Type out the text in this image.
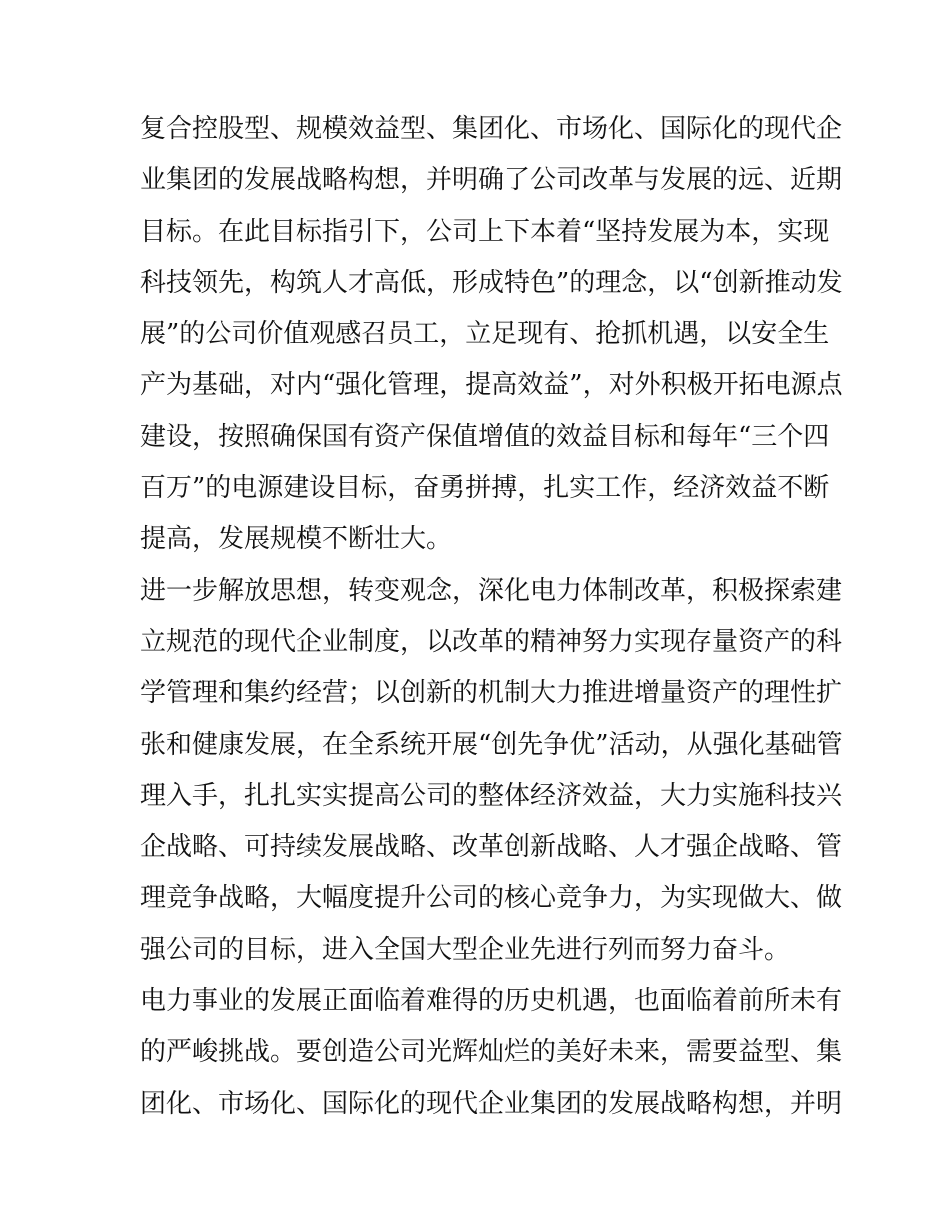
复合控股型、规模效益型、集团化、市场化、国际化的现代企
业集团的发展战略构想，并明确了公司改革与发展的远、近期
目标。在此目标指引下，公司上下本着“坚持发展为本，实现
科技领先，构筑人才高低，形成特色”的理念，以“创新推动发
展”的公司价值观感召员工，立足现有、抢抓机遇，以安全生
产为基础，对内“强化管理，提高效益”，对外积极开拓电源点
建设，按照确保国有资产保值增值的效益目标和每年“三个四
百万”的电源建设目标，奋勇拼搏，扎实工作，经济效益不断
提高，发展规模不断壮大。

进一步解放思想，转变观念，深化电力体制改革，积极探索建
立规范的现代企业制度，以改革的精神努力实现存量资产的科
学管理和集约经营；以创新的机制大力推进增量资产的理性扩
张和健康发展，在全系统开展“创先争优”活动，从强化基础管
理入手，扎扎实实提高公司的整体经济效益，大力实施科技兴
企战略、可持续发展战略、改革创新战略、人才强企战略、管
理竞争战略，大幅度提升公司的核心竞争力，为实现做大、做
强公司的目标，进入全国大型企业先进行列而努力奋斗。

电力事业的发展正面临着难得的历史机遇，也面临着前所未有
的严峻挑战。要创造公司光辉灿烂的美好未来，需要益型、集
团化、市场化、国际化的现代企业集团的发展战略构想，并明
